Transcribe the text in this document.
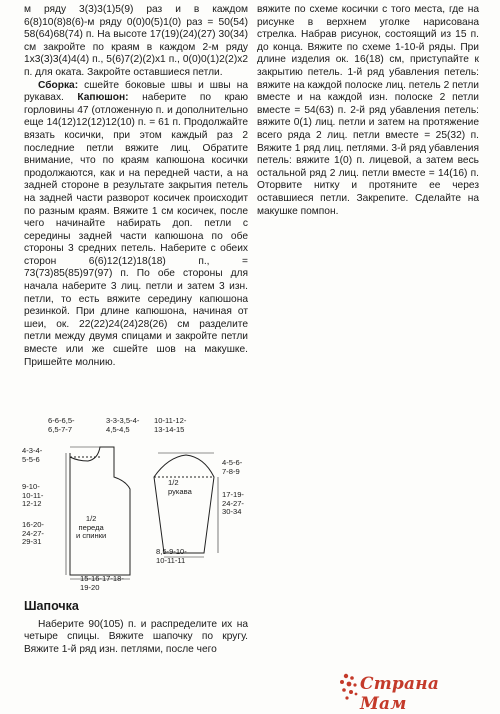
м ряду 3(3)3(1)5(9) раз и в каждом 6(8)10(8)8(6)-м ряду 0(0)0(5)1(0) раз = 50(54) 58(64)68(74) п. На высоте 17(19)(24)(27) 30(34) см закройте по краям в каждом 2-м ряду 1х3(3)3(4)4(4) п., 5(6)7(2)(2)х1 п., 0(0)0(1)2(2)х2 п. для оката. Закройте оставшиеся петли.

Сборка: сшейте боковые швы и швы на рукавах. Капюшон: наберите по краю горловины 47 (отложенную п. и дополнительно еще 14(12)12(12)12(10) п. = 61 п. Продолжайте вязать косички, при этом каждый раз 2 последние петли вяжите лиц. Обратите внимание, что по краям капюшона косички продолжаются, как и на передней части, а на задней стороне в результате закрытия петель на задней части разворот косичек происходит по разным краям. Вяжите 1 см косичек, после чего начинайте набирать доп. петли с середины задней части капюшона по обе стороны 3 средних петель. Наберите с обеих сторон 6(6)12(12)18(18) п., = 73(73)85(85)97(97) п. По обе стороны для начала наберите 3 лиц. петли и затем 3 изн. петли, то есть вяжите середину капюшона резинкой. При длине капюшона, начиная от шеи, ок. 22(22)24(24)28(26) см разделите петли между двумя спицами и закройте петли вместе или же сшейте шов на макушке. Пришейте молнию.

вяжите по схеме косички с того места, где на рисунке в верхнем уголке нарисована стрелка. Набрав рисунок, состоящий из 15 п. до конца. Вяжите по схеме 1-10-й ряды. При длине изделия ок. 16(18) см, приступайте к закрытию петель. 1-й ряд убавления петель: вяжите на каждой полоске лиц. петель 2 петли вместе и на каждой изн. полоске 2 петли вместе = 54(63) п. 2-й ряд убавления петель: вяжите 0(1) лиц. петли и затем на протяжение всего ряда 2 лиц. петли вместе = 25(32) п. Вяжите 1 ряд лиц. петлями. 3-й ряд убавления петель: вяжите 1(0) п. лицевой, а затем весь остальной ряд 2 лиц. петли вместе = 14(16) п. Оторвите нитку и протяните ее через оставшиеся петли. Закрепите. Сделайте на макушке помпон.

6-6-6,5-
6,5-7-7
3-3-3,5-4-
4,5-4,5
10-11-12-
13-14-15
4-3-4-
5-5-6
9-10-
10-11-
12-12
16-20-
24-27-
29-31
1/2
переда
и спинки
1/2
рукава
4-5-6-
7-8-9
17-19-
24-27-
30-34
15-16-17-18-
19-20
8,5-9-10-
10-11-11
Шапочка

Наберите 90(105) п. и распределите их на четыре спицы. Вяжите шапочку по кругу. Вяжите 1-й ряд изн. петлями, после чего

Страна Мам
